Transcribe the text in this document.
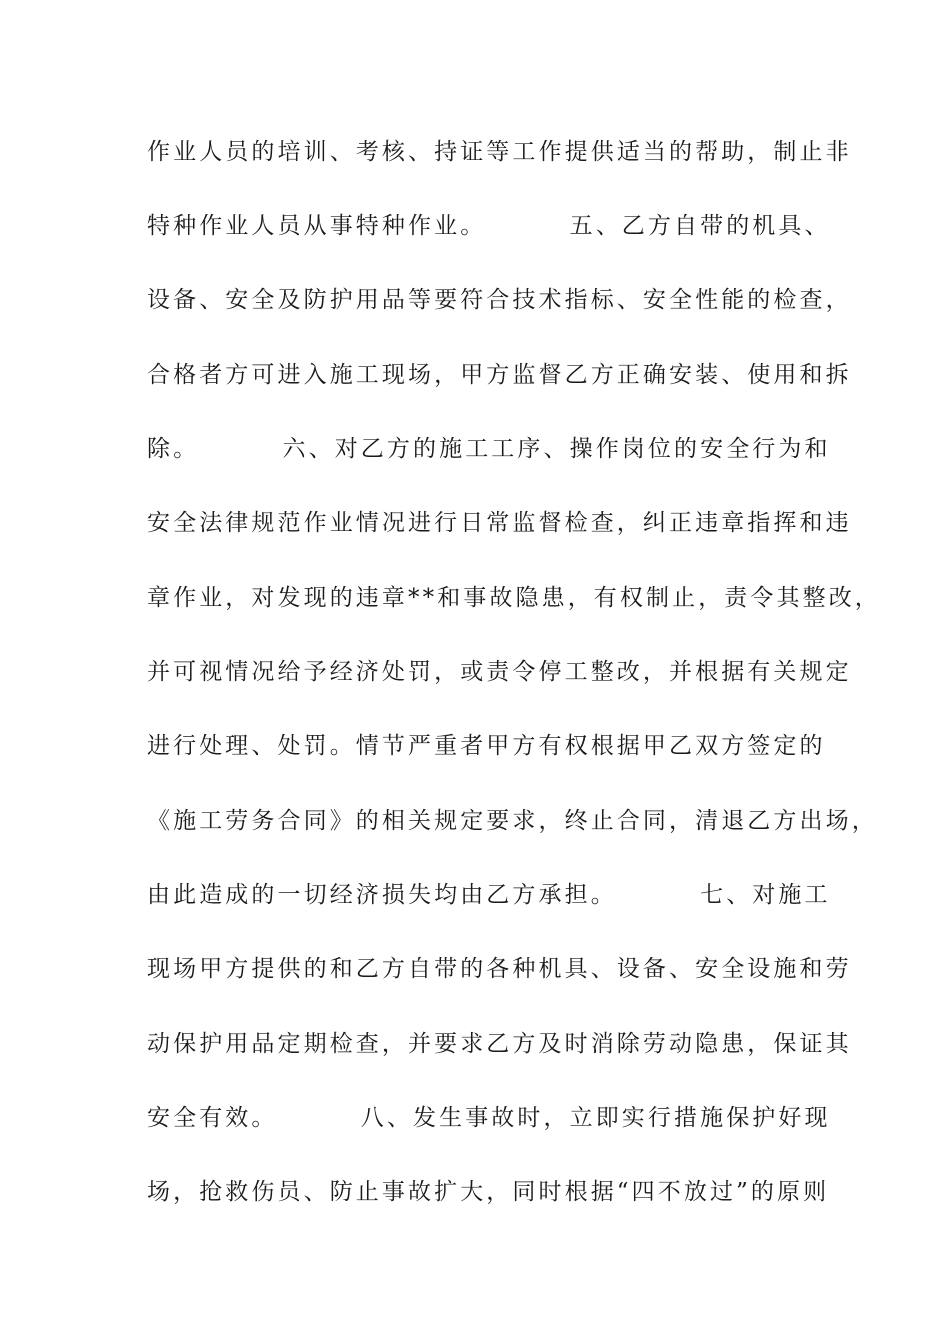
作业人员的培训、考核、持证等工作提供适当的帮助，制止非
特种作业人员从事特种作业。        五、乙方自带的机具、
设备、安全及防护用品等要符合技术指标、安全性能的检查，
合格者方可进入施工现场，甲方监督乙方正确安装、使用和拆
除。        六、对乙方的施工工序、操作岗位的安全行为和
安全法律规范作业情况进行日常监督检查，纠正违章指挥和违
章作业，对发现的违章**和事故隐患，有权制止，责令其整改，
并可视情况给予经济处罚，或责令停工整改，并根据有关规定
进行处理、处罚。情节严重者甲方有权根据甲乙双方签定的
《施工劳务合同》的相关规定要求，终止合同，清退乙方出场，
由此造成的一切经济损失均由乙方承担。        七、对施工
现场甲方提供的和乙方自带的各种机具、设备、安全设施和劳
动保护用品定期检查，并要求乙方及时消除劳动隐患，保证其
安全有效。        八、发生事故时，立即实行措施保护好现
场，抢救伤员、防止事故扩大，同时根据“四不放过”的原则
